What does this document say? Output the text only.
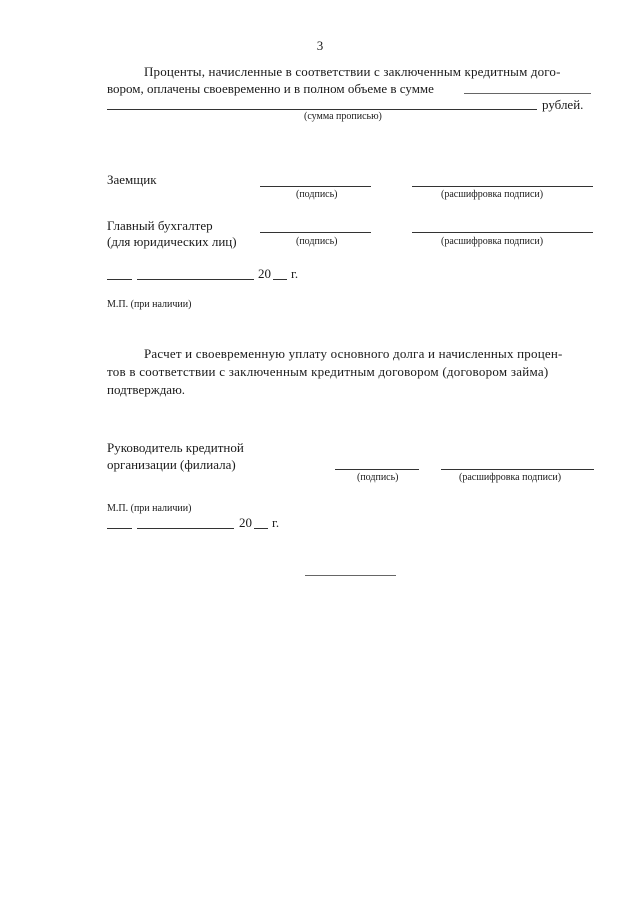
3
Проценты, начисленные в соответствии с заключенным кредитным дого-
вором, оплачены своевременно и в полном объеме в сумме
рублей.
(сумма прописью)
Заемщик
(подпись)	(расшифровка подписи)
Главный бухгалтер
(для юридических лиц)	(подпись)	(расшифровка подписи)
20 г.
М.П. (при наличии)
Расчет и своевременную уплату основного долга и начисленных процен-
тов в соответствии с заключенным кредитным договором (договором займа)
подтверждаю.
Руководитель кредитной
организации (филиала)
(подпись)	(расшифровка подписи)
М.П. (при наличии)
20 г.
